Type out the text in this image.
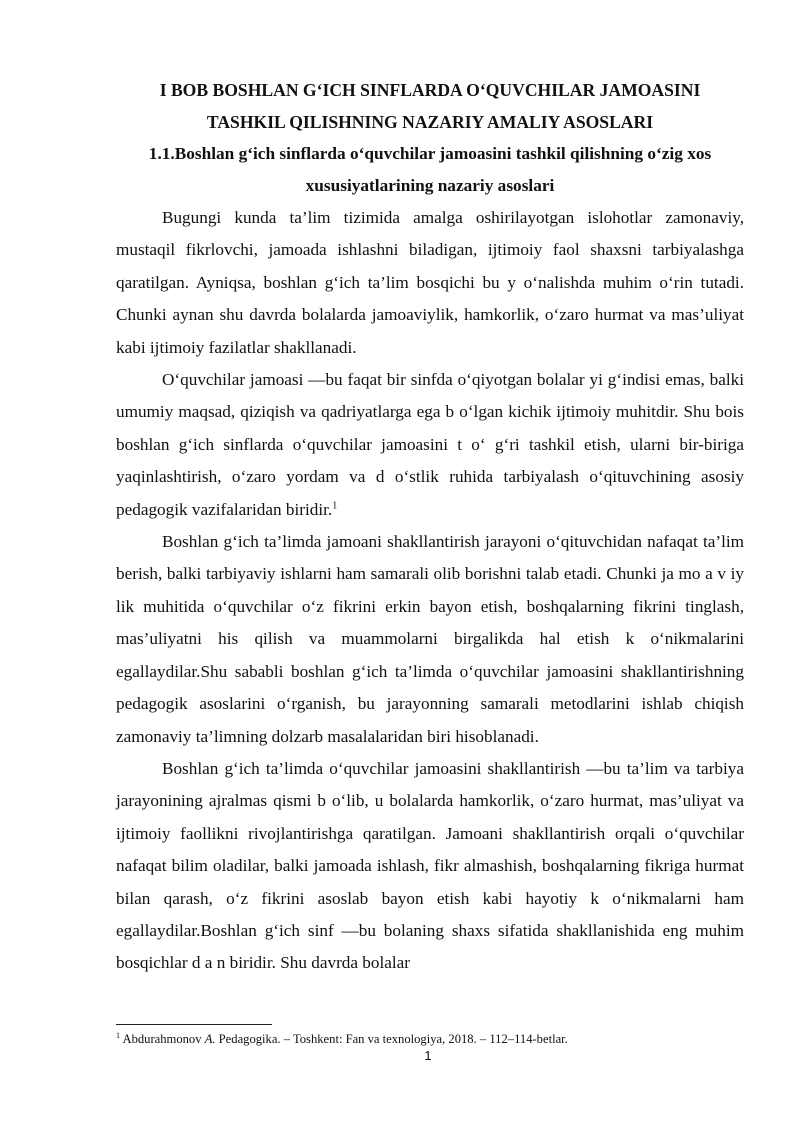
I BOB BOSHLAN G‘ICH SINFLARDA O‘QUVCHILAR JAMOASINI
TASHKIL QILISHNING NAZARIY AMALIY ASOSLARI
1.1.Boshlan g‘ich sinflarda o‘quvchilar jamoasini tashkil qilishning o‘zig xos
xususiyatlarining nazariy asoslari

Bugungi kunda ta’lim tizimida amalga oshirilayotgan islohotlar zamonaviy, mustaqil fikrlovchi, jamoada ishlashni biladigan, ijtimoiy faol shaxsni tarbiyalashga qaratilgan. Ayniqsa, boshlan g‘ich ta’lim bosqichi bu y o‘nalishda muhim o‘rin tutadi. Chunki aynan shu davrda bolalarda jamoaviylik, hamkorlik, o‘zaro hurmat va mas’uliyat kabi ijtimoiy fazilatlar shakllanadi.

O‘quvchilar jamoasi —bu faqat bir sinfda o‘qiyotgan bolalar yi g‘indisi emas, balki umumiy maqsad, qiziqish va qadriyatlarga ega b o‘lgan kichik ijtimoiy muhitdir. Shu bois boshlan g‘ich sinflarda o‘quvchilar jamoasini t o‘ g‘ri tashkil etish, ularni bir-biriga yaqinlashtirish, o‘zaro yordam va d o‘stlik ruhida tarbiyalash o‘qituvchining asosiy pedagogik vazifalaridan biridir.$^1$

Boshlan g‘ich ta’limda jamoani shakllantirish jarayoni o‘qituvchidan nafaqat ta’lim berish, balki tarbiyaviy ishlarni ham samarali olib borishni talab etadi. Chunki ja mo a v iy lik muhitida o‘quvchilar o‘z fikrini erkin bayon etish, boshqalarning fikrini tinglash, mas’uliyatni his qilish va muammolarni birgalikda hal etish k o‘nikmalarini egallaydilar.Shu sababli boshlan g‘ich ta’limda o‘quvchilar jamoasini shakllantirishning pedagogik asoslarini o‘rganish, bu jarayonning samarali metodlarini ishlab chiqish zamonaviy ta’limning dolzarb masalalaridan biri hisoblanadi.

Boshlan g‘ich ta’limda o‘quvchilar jamoasini shakllantirish —bu ta’lim va tarbiya jarayonining ajralmas qismi b o‘lib, u bolalarda hamkorlik, o‘zaro hurmat, mas’uliyat va ijtimoiy faollikni rivojlantirishga qaratilgan. Jamoani shakllantirish orqali o‘quvchilar nafaqat bilim oladilar, balki jamoada ishlash, fikr almashish, boshqalarning fikriga hurmat bilan qarash, o‘z fikrini asoslab bayon etish kabi hayotiy k o‘nikmalarni ham egallaydilar.Boshlan g‘ich sinf —bu bolaning shaxs sifatida shakllanishida eng muhim bosqichlar d a n biridir. Shu davrda bolalar

$^1$ Abdurahmonov A. Pedagogika. – Toshkent: Fan va texnologiya, 2018. – 112–114-betlar.

1
